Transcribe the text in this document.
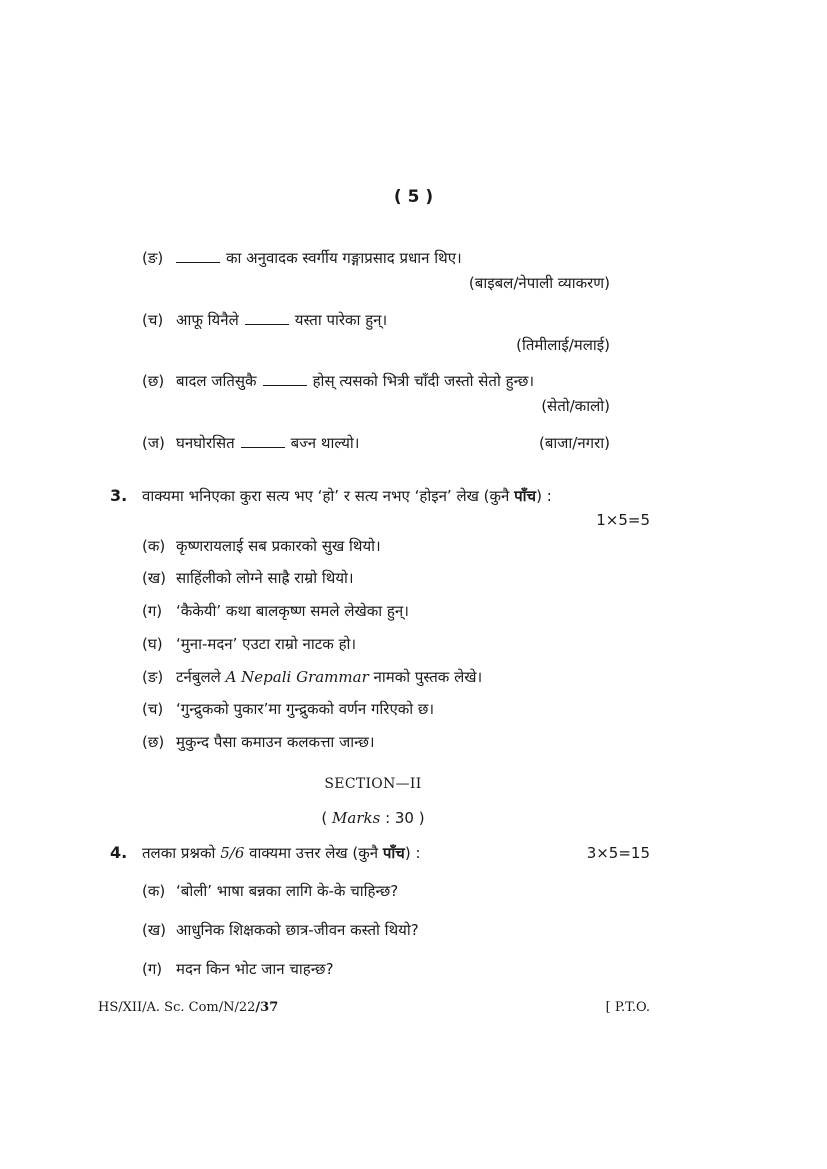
( 5 )
(ङ)	का अनुवादक स्वर्गीय गङ्गाप्रसाद प्रधान थिए।
(बाइबल/नेपाली व्याकरण)
(च) आफू यिनैले	यस्ता पारेका हुन्।
(तिमीलाई/मलाई)
(छ) बादल जतिसुकै	होस् त्यसको भित्री चाँदी जस्तो सेतो हुन्छ।
(सेतो/कालो)
(ज) घनघोरसित	बज्न थाल्यो।	(बाजा/नगरा)
3. वाक्यमा भनिएका कुरा सत्य भए ‘हो’ र सत्य नभए ‘होइन’ लेख (कुनै पाँच) :
1×5=5
(क) कृष्णरायलाई सब प्रकारको सुख थियो।
(ख) साहिंलीको लोग्ने साह्रै राम्रो थियो।
(ग) ‘कैकेयी’ कथा बालकृष्ण समले लेखेका हुन्।
(घ) ‘मुना-मदन’ एउटा राम्रो नाटक हो।
(ङ) टर्नबुलले A Nepali Grammar नामको पुस्तक लेखे।
(च) ‘गुन्द्रुकको पुकार’मा गुन्द्रुकको वर्णन गरिएको छ।
(छ) मुकुन्द पैसा कमाउन कलकत्ता जान्छ।
SECTION—II
( Marks : 30 )
4. तलका प्रश्नको 5/6 वाक्यमा उत्तर लेख (कुनै पाँच) :	3×5=15
(क) ‘बोली’ भाषा बन्नका लागि के-के चाहिन्छ?
(ख) आधुनिक शिक्षकको छात्र-जीवन कस्तो थियो?
(ग) मदन किन भोट जान चाहन्छ?
HS/XII/A. Sc. Com/N/22/37	[ P.T.O.
